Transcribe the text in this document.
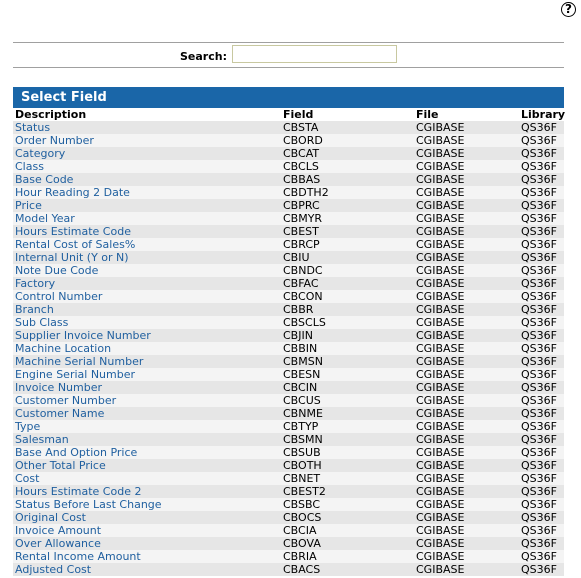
?
Search:
Select Field
Description	Field	File	Library
Status	CBSTA	CGIBASE	QS36F
Order Number	CBORD	CGIBASE	QS36F
Category	CBCAT	CGIBASE	QS36F
Class	CBCLS	CGIBASE	QS36F
Base Code	CBBAS	CGIBASE	QS36F
Hour Reading 2 Date	CBDTH2	CGIBASE	QS36F
Price	CBPRC	CGIBASE	QS36F
Model Year	CBMYR	CGIBASE	QS36F
Hours Estimate Code	CBEST	CGIBASE	QS36F
Rental Cost of Sales%	CBRCP	CGIBASE	QS36F
Internal Unit (Y or N)	CBIU	CGIBASE	QS36F
Note Due Code	CBNDC	CGIBASE	QS36F
Factory	CBFAC	CGIBASE	QS36F
Control Number	CBCON	CGIBASE	QS36F
Branch	CBBR	CGIBASE	QS36F
Sub Class	CBSCLS	CGIBASE	QS36F
Supplier Invoice Number	CBJIN	CGIBASE	QS36F
Machine Location	CBBIN	CGIBASE	QS36F
Machine Serial Number	CBMSN	CGIBASE	QS36F
Engine Serial Number	CBESN	CGIBASE	QS36F
Invoice Number	CBCIN	CGIBASE	QS36F
Customer Number	CBCUS	CGIBASE	QS36F
Customer Name	CBNME	CGIBASE	QS36F
Type	CBTYP	CGIBASE	QS36F
Salesman	CBSMN	CGIBASE	QS36F
Base And Option Price	CBSUB	CGIBASE	QS36F
Other Total Price	CBOTH	CGIBASE	QS36F
Cost	CBNET	CGIBASE	QS36F
Hours Estimate Code 2	CBEST2	CGIBASE	QS36F
Status Before Last Change	CBSBC	CGIBASE	QS36F
Original Cost	CBOCS	CGIBASE	QS36F
Invoice Amount	CBCIA	CGIBASE	QS36F
Over Allowance	CBOVA	CGIBASE	QS36F
Rental Income Amount	CBRIA	CGIBASE	QS36F
Adjusted Cost	CBACS	CGIBASE	QS36F
